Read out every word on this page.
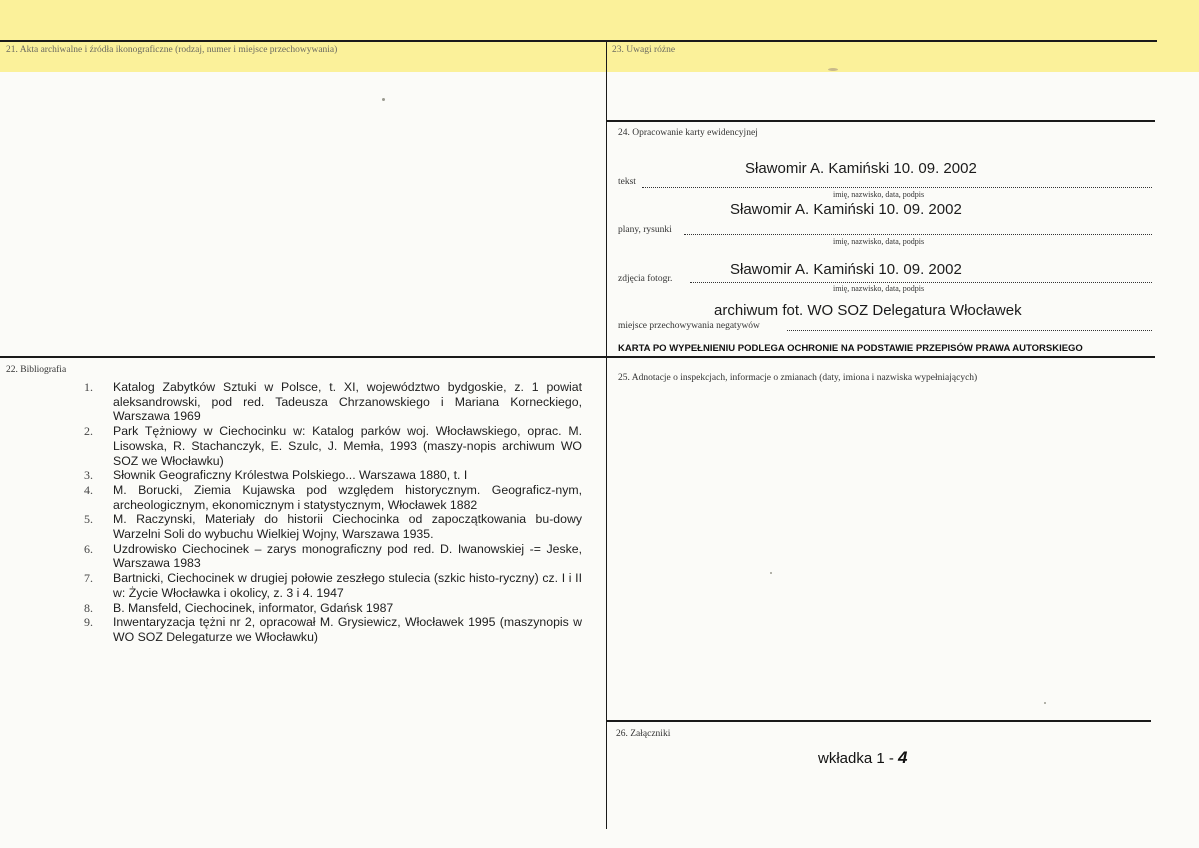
21. Akta archiwalne i źródła ikonograficzne (rodzaj, numer i miejsce przechowywania)	23. Uwagi różne
24. Opracowanie karty ewidencyjnej
22. Bibliografia
25. Adnotacje o inspekcjach, informacje o zmianach (daty, imiona i nazwiska wypełniających)
26. Załączniki
Sławomir A. Kamiński 10. 09. 2002
tekst
imię, nazwisko, data, podpis
Sławomir A. Kamiński 10. 09. 2002
plany, rysunki
imię, nazwisko, data, podpis
Sławomir A. Kamiński 10. 09. 2002
zdjęcia fotogr.
imię, nazwisko, data, podpis
archiwum fot. WO SOZ Delegatura Włocławek
miejsce przechowywania negatywów
KARTA PO WYPEŁNIENIU PODLEGA OCHRONIE NA PODSTAWIE PRZEPISÓW PRAWA AUTORSKIEGO
1. Katalog Zabytków Sztuki w Polsce, t. XI, województwo bydgoskie, z. 1 powiat aleksandrowski, pod red. Tadeusza Chrzanowskiego i Mariana Korneckiego, Warszawa 1969
2. Park Tężniowy w Ciechocinku w: Katalog parków woj. Włocławskiego, oprac. M. Lisowska, R. Stachanczyk, E. Szulc, J. Memła, 1993 (maszy-nopis archiwum WO SOZ we Włocławku)
3. Słownik Geograficzny Królestwa Polskiego... Warszawa 1880, t. I
4. M. Borucki, Ziemia Kujawska pod względem historycznym. Geograficz-nym, archeologicznym, ekonomicznym i statystycznym, Włocławek 1882
5. M. Raczynski, Materiały do historii Ciechocinka od zapoczątkowania bu-dowy Warzelni Soli do wybuchu Wielkiej Wojny, Warszawa 1935.
6. Uzdrowisko Ciechocinek – zarys monograficzny pod red. D. Iwanowskiej -= Jeske, Warszawa 1983
7. Bartnicki, Ciechocinek w drugiej połowie zeszłego stulecia (szkic histo-ryczny) cz. I i II w: Życie Włocławka i okolicy, z. 3 i 4. 1947
8. B. Mansfeld, Ciechocinek, informator, Gdańsk 1987
9. Inwentaryzacja tężni nr 2, opracował M. Grysiewicz, Włocławek 1995 (maszynopis w WO SOZ Delegaturze we Włocławku)
wkładka 1 - 4
